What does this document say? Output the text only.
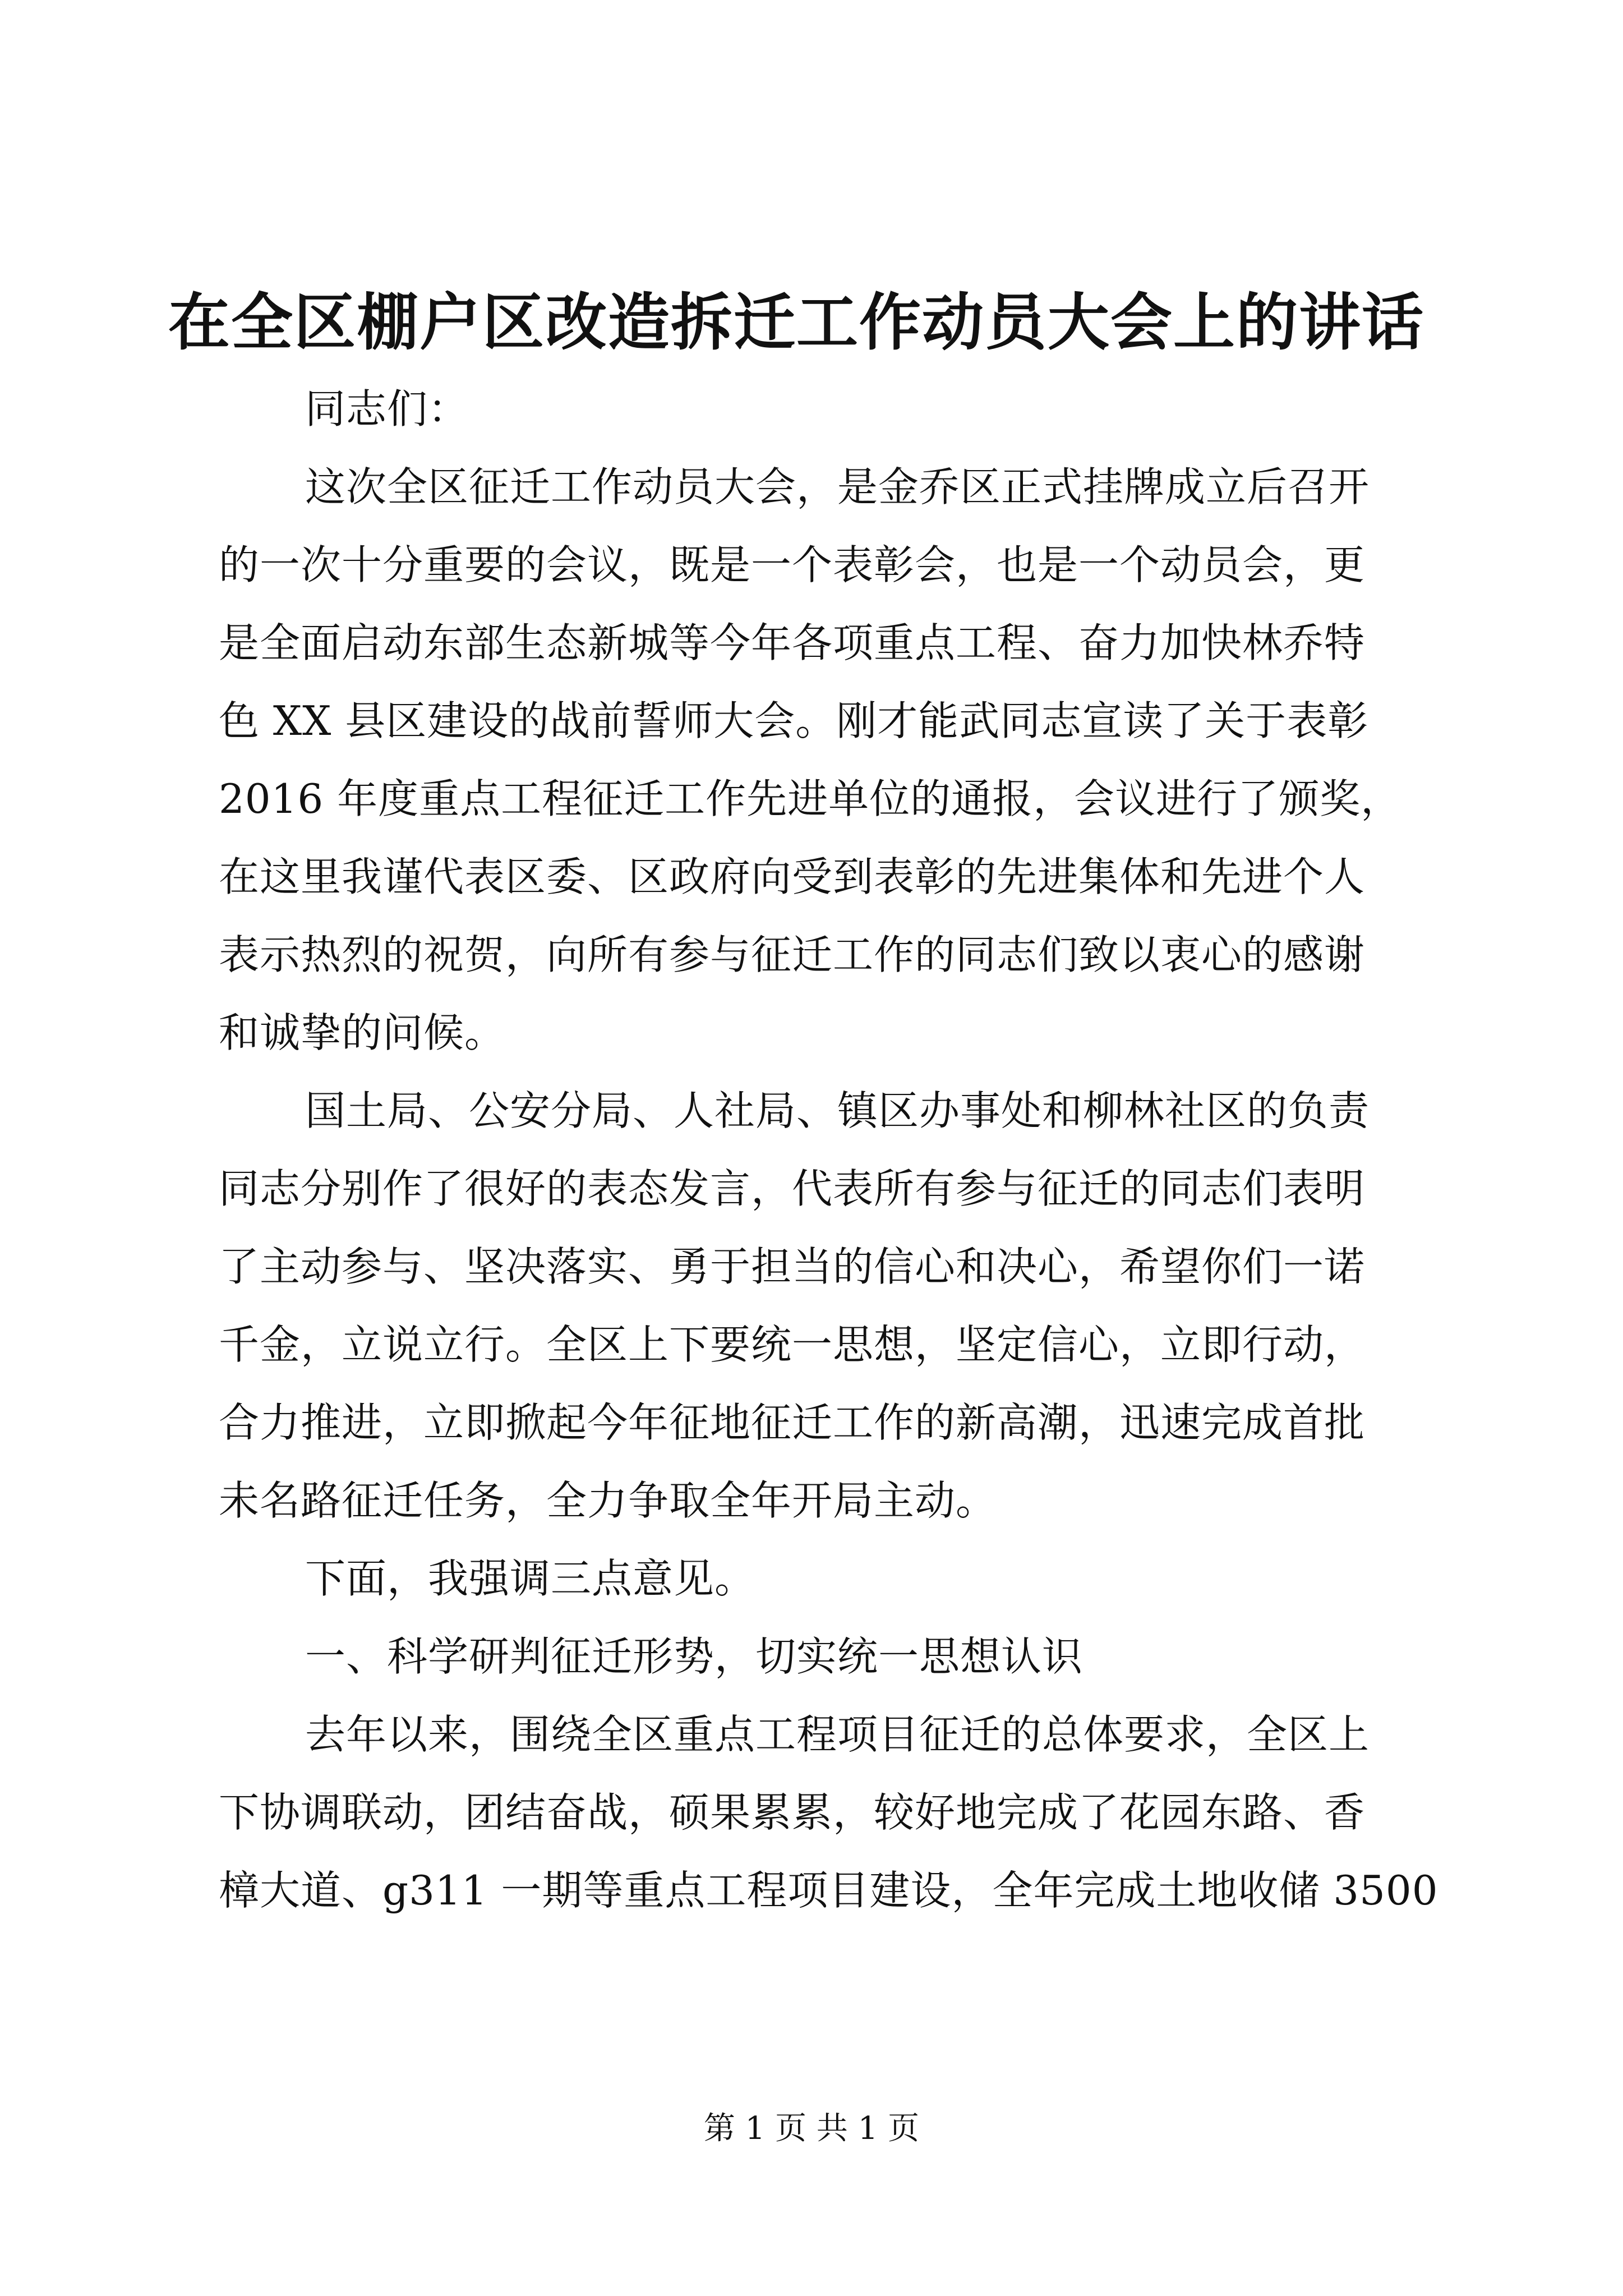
在全区棚户区改造拆迁工作动员大会上的讲话
同志们：
这次全区征迁工作动员大会，是金乔区正式挂牌成立后召开
的一次十分重要的会议，既是一个表彰会，也是一个动员会，更
是全面启动东部生态新城等今年各项重点工程、奋力加快林乔特
色 XX 县区建设的战前誓师大会。刚才能武同志宣读了关于表彰
2016 年度重点工程征迁工作先进单位的通报，会议进行了颁奖，
在这里我谨代表区委、区政府向受到表彰的先进集体和先进个人
表示热烈的祝贺，向所有参与征迁工作的同志们致以衷心的感谢
和诚挚的问候。
国土局、公安分局、人社局、镇区办事处和柳林社区的负责
同志分别作了很好的表态发言，代表所有参与征迁的同志们表明
了主动参与、坚决落实、勇于担当的信心和决心，希望你们一诺
千金，立说立行。全区上下要统一思想，坚定信心，立即行动，
合力推进，立即掀起今年征地征迁工作的新高潮，迅速完成首批
未名路征迁任务，全力争取全年开局主动。
下面，我强调三点意见。
一、科学研判征迁形势，切实统一思想认识
去年以来，围绕全区重点工程项目征迁的总体要求，全区上
下协调联动，团结奋战，硕果累累，较好地完成了花园东路、香
樟大道、g311 一期等重点工程项目建设，全年完成土地收储 3500
第 1 页 共 1 页
